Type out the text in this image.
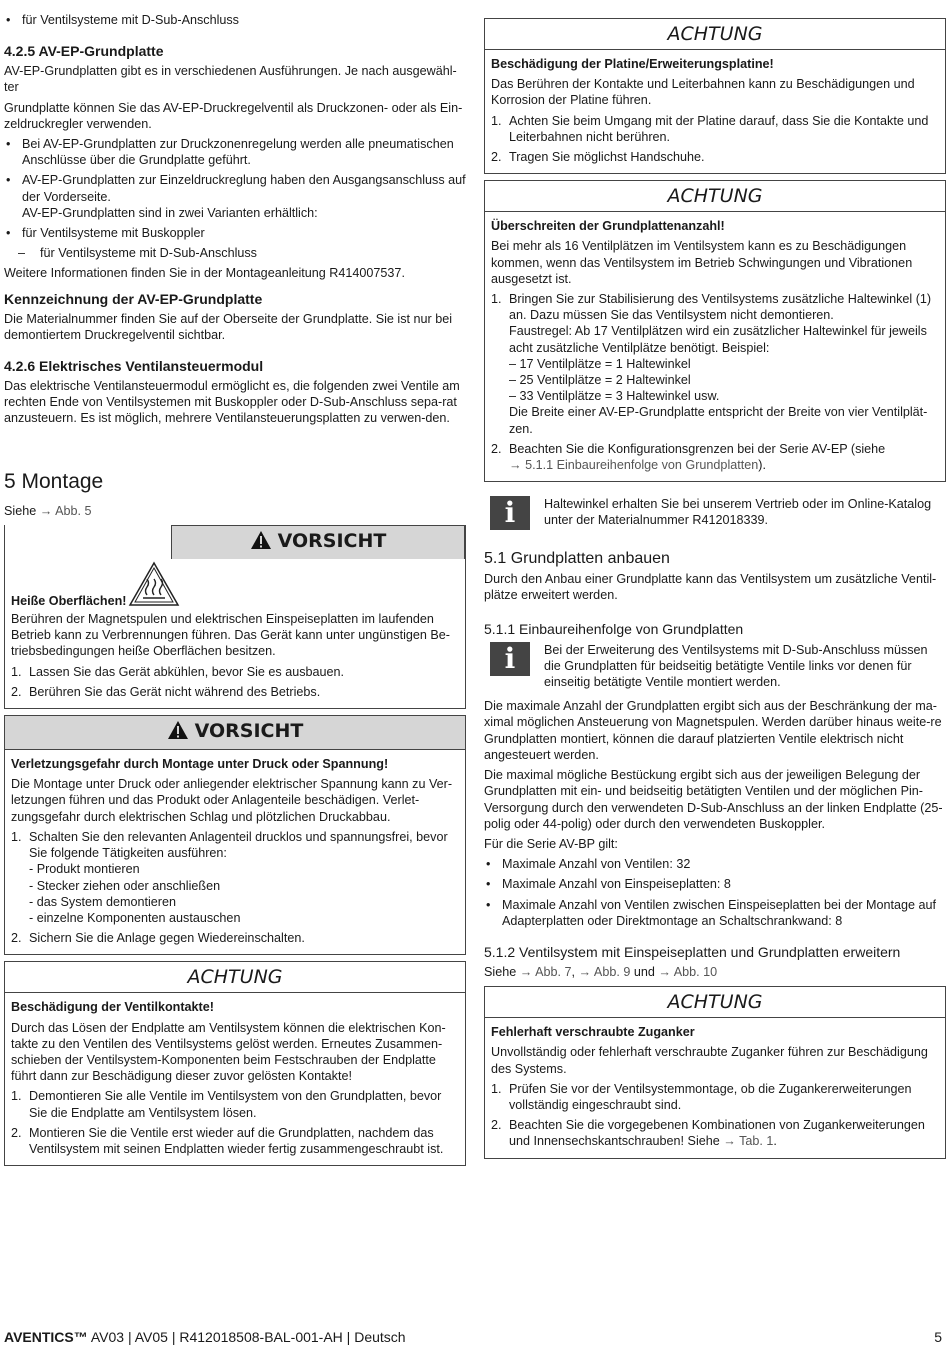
• für Ventilsysteme mit D-Sub-Anschluss
4.2.5 AV-EP-Grundplatte

AV-EP-Grundplatten gibt es in verschiedenen Ausführungen. Je nach ausgewähl-ter

Grundplatte können Sie das AV-EP-Druckregelventil als Druckzonen- oder als Ein-zeldruckregler verwenden.

• Bei AV-EP-Grundplatten zur Druckzonenregelung werden alle pneumatischen Anschlüsse über die Grundplatte geführt.
• AV-EP-Grundplatten zur Einzeldruckreglung haben den Ausgangsanschluss auf der Vorderseite.
AV-EP-Grundplatten sind in zwei Varianten erhältlich:
• für Ventilsysteme mit Buskoppler
– für Ventilsysteme mit D-Sub-Anschluss

Weitere Informationen finden Sie in der Montageanleitung R414007537.

Kennzeichnung der AV-EP-Grundplatte

Die Materialnummer finden Sie auf der Oberseite der Grundplatte. Sie ist nur bei demontiertem Druckregelventil sichtbar.

4.2.6 Elektrisches Ventilansteuermodul

Das elektrische Ventilansteuermodul ermöglicht es, die folgenden zwei Ventile am rechten Ende von Ventilsystemen mit Buskoppler oder D-Sub-Anschluss sepa-rat anzusteuern. Es ist möglich, mehrere Ventilansteuerungsplatten zu verwen-den.

5 Montage

Siehe → Abb. 5

VORSICHT
Heiße Oberflächen!

Berühren der Magnetspulen und elektrischen Einspeiseplatten im laufenden Betrieb kann zu Verbrennungen führen. Das Gerät kann unter ungünstigen Be-triebsbedingungen heiße Oberflächen besitzen.

1. Lassen Sie das Gerät abkühlen, bevor Sie es ausbauen.
2. Berühren Sie das Gerät nicht während des Betriebs.
VORSICHT
Verletzungsgefahr durch Montage unter Druck oder Spannung!

Die Montage unter Druck oder anliegender elektrischer Spannung kann zu Ver-letzungen führen und das Produkt oder Anlagenteile beschädigen. Verlet-zungsgefahr durch elektrischen Schlag und plötzlichen Druckabbau.

1. Schalten Sie den relevanten Anlagenteil drucklos und spannungsfrei, bevor Sie folgende Tätigkeiten ausführen:
- Produkt montieren
- Stecker ziehen oder anschließen
- das System demontieren
- einzelne Komponenten austauschen
2. Sichern Sie die Anlage gegen Wiedereinschalten.
ACHTUNG
Beschädigung der Ventilkontakte!

Durch das Lösen der Endplatte am Ventilsystem können die elektrischen Kon-takte zu den Ventilen des Ventilsystems gelöst werden. Erneutes Zusammen-schieben der Ventilsystem-Komponenten beim Festschrauben der Endplatte führt dann zur Beschädigung dieser zuvor gelösten Kontakte!

1. Demontieren Sie alle Ventile im Ventilsystem von den Grundplatten, bevor Sie die Endplatte am Ventilsystem lösen.
2. Montieren Sie die Ventile erst wieder auf die Grundplatten, nachdem das Ventilsystem mit seinen Endplatten wieder fertig zusammengeschraubt ist.
ACHTUNG
Beschädigung der Platine/Erweiterungsplatine!

Das Berühren der Kontakte und Leiterbahnen kann zu Beschädigungen und Korrosion der Platine führen.

1. Achten Sie beim Umgang mit der Platine darauf, dass Sie die Kontakte und Leiterbahnen nicht berühren.
2. Tragen Sie möglichst Handschuhe.
ACHTUNG
Überschreiten der Grundplattenanzahl!

Bei mehr als 16 Ventilplätzen im Ventilsystem kann es zu Beschädigungen kommen, wenn das Ventilsystem im Betrieb Schwingungen und Vibrationen ausgesetzt ist.

1. Bringen Sie zur Stabilisierung des Ventilsystems zusätzliche Haltewinkel (1) an. Dazu müssen Sie das Ventilsystem nicht demontieren.
Faustregel: Ab 17 Ventilplätzen wird ein zusätzlicher Haltewinkel für jeweils acht zusätzliche Ventilplätze benötigt. Beispiel:
– 17 Ventilplätze = 1 Haltewinkel
– 25 Ventilplätze = 2 Haltewinkel
– 33 Ventilplätze = 3 Haltewinkel usw.
Die Breite einer AV-EP-Grundplatte entspricht der Breite von vier Ventilplät-zen.
2. Beachten Sie die Konfigurationsgrenzen bei der Serie AV-EP (siehe
→ 5.1.1 Einbaureihenfolge von Grundplatten).
i	Haltewinkel erhalten Sie bei unserem Vertrieb oder im Online-Katalog unter der Materialnummer R412018339.
5.1 Grundplatten anbauen

Durch den Anbau einer Grundplatte kann das Ventilsystem um zusätzliche Ventil-plätze erweitert werden.

5.1.1 Einbaureihenfolge von Grundplatten
i	Bei der Erweiterung des Ventilsystems mit D-Sub-Anschluss müssen die Grundplatten für beidseitig betätigte Ventile links vor denen für einseitig betätigte Ventile montiert werden.

Die maximale Anzahl der Grundplatten ergibt sich aus der Beschränkung der ma-ximal möglichen Ansteuerung von Magnetspulen. Werden darüber hinaus weite-re Grundplatten montiert, können die darauf platzierten Ventile elektrisch nicht angesteuert werden.

Die maximal mögliche Bestückung ergibt sich aus der jeweiligen Belegung der Grundplatten mit ein- und beidseitig betätigten Ventilen und der möglichen Pin-Versorgung durch den verwendeten D-Sub-Anschluss an der linken Endplatte (25-polig oder 44-polig) oder durch den verwendeten Buskoppler.

Für die Serie AV-BP gilt:

• Maximale Anzahl von Ventilen: 32
• Maximale Anzahl von Einspeiseplatten: 8
• Maximale Anzahl von Ventilen zwischen Einspeiseplatten bei der Montage auf Adapterplatten oder Direktmontage an Schaltschrankwand: 8
5.1.2 Ventilsystem mit Einspeiseplatten und Grundplatten erweitern

Siehe → Abb. 7, → Abb. 9 und → Abb. 10

ACHTUNG
Fehlerhaft verschraubte Zuganker

Unvollständig oder fehlerhaft verschraubte Zuganker führen zur Beschädigung des Systems.

1. Prüfen Sie vor der Ventilsystemmontage, ob die Zugankererweiterungen vollständig eingeschraubt sind.
2. Beachten Sie die vorgegebenen Kombinationen von Zugankerweiterungen und Innensechskantschrauben! Siehe → Tab. 1.
AVENTICS™ AV03 | AV05 | R412018508-BAL-001-AH | Deutsch	5
